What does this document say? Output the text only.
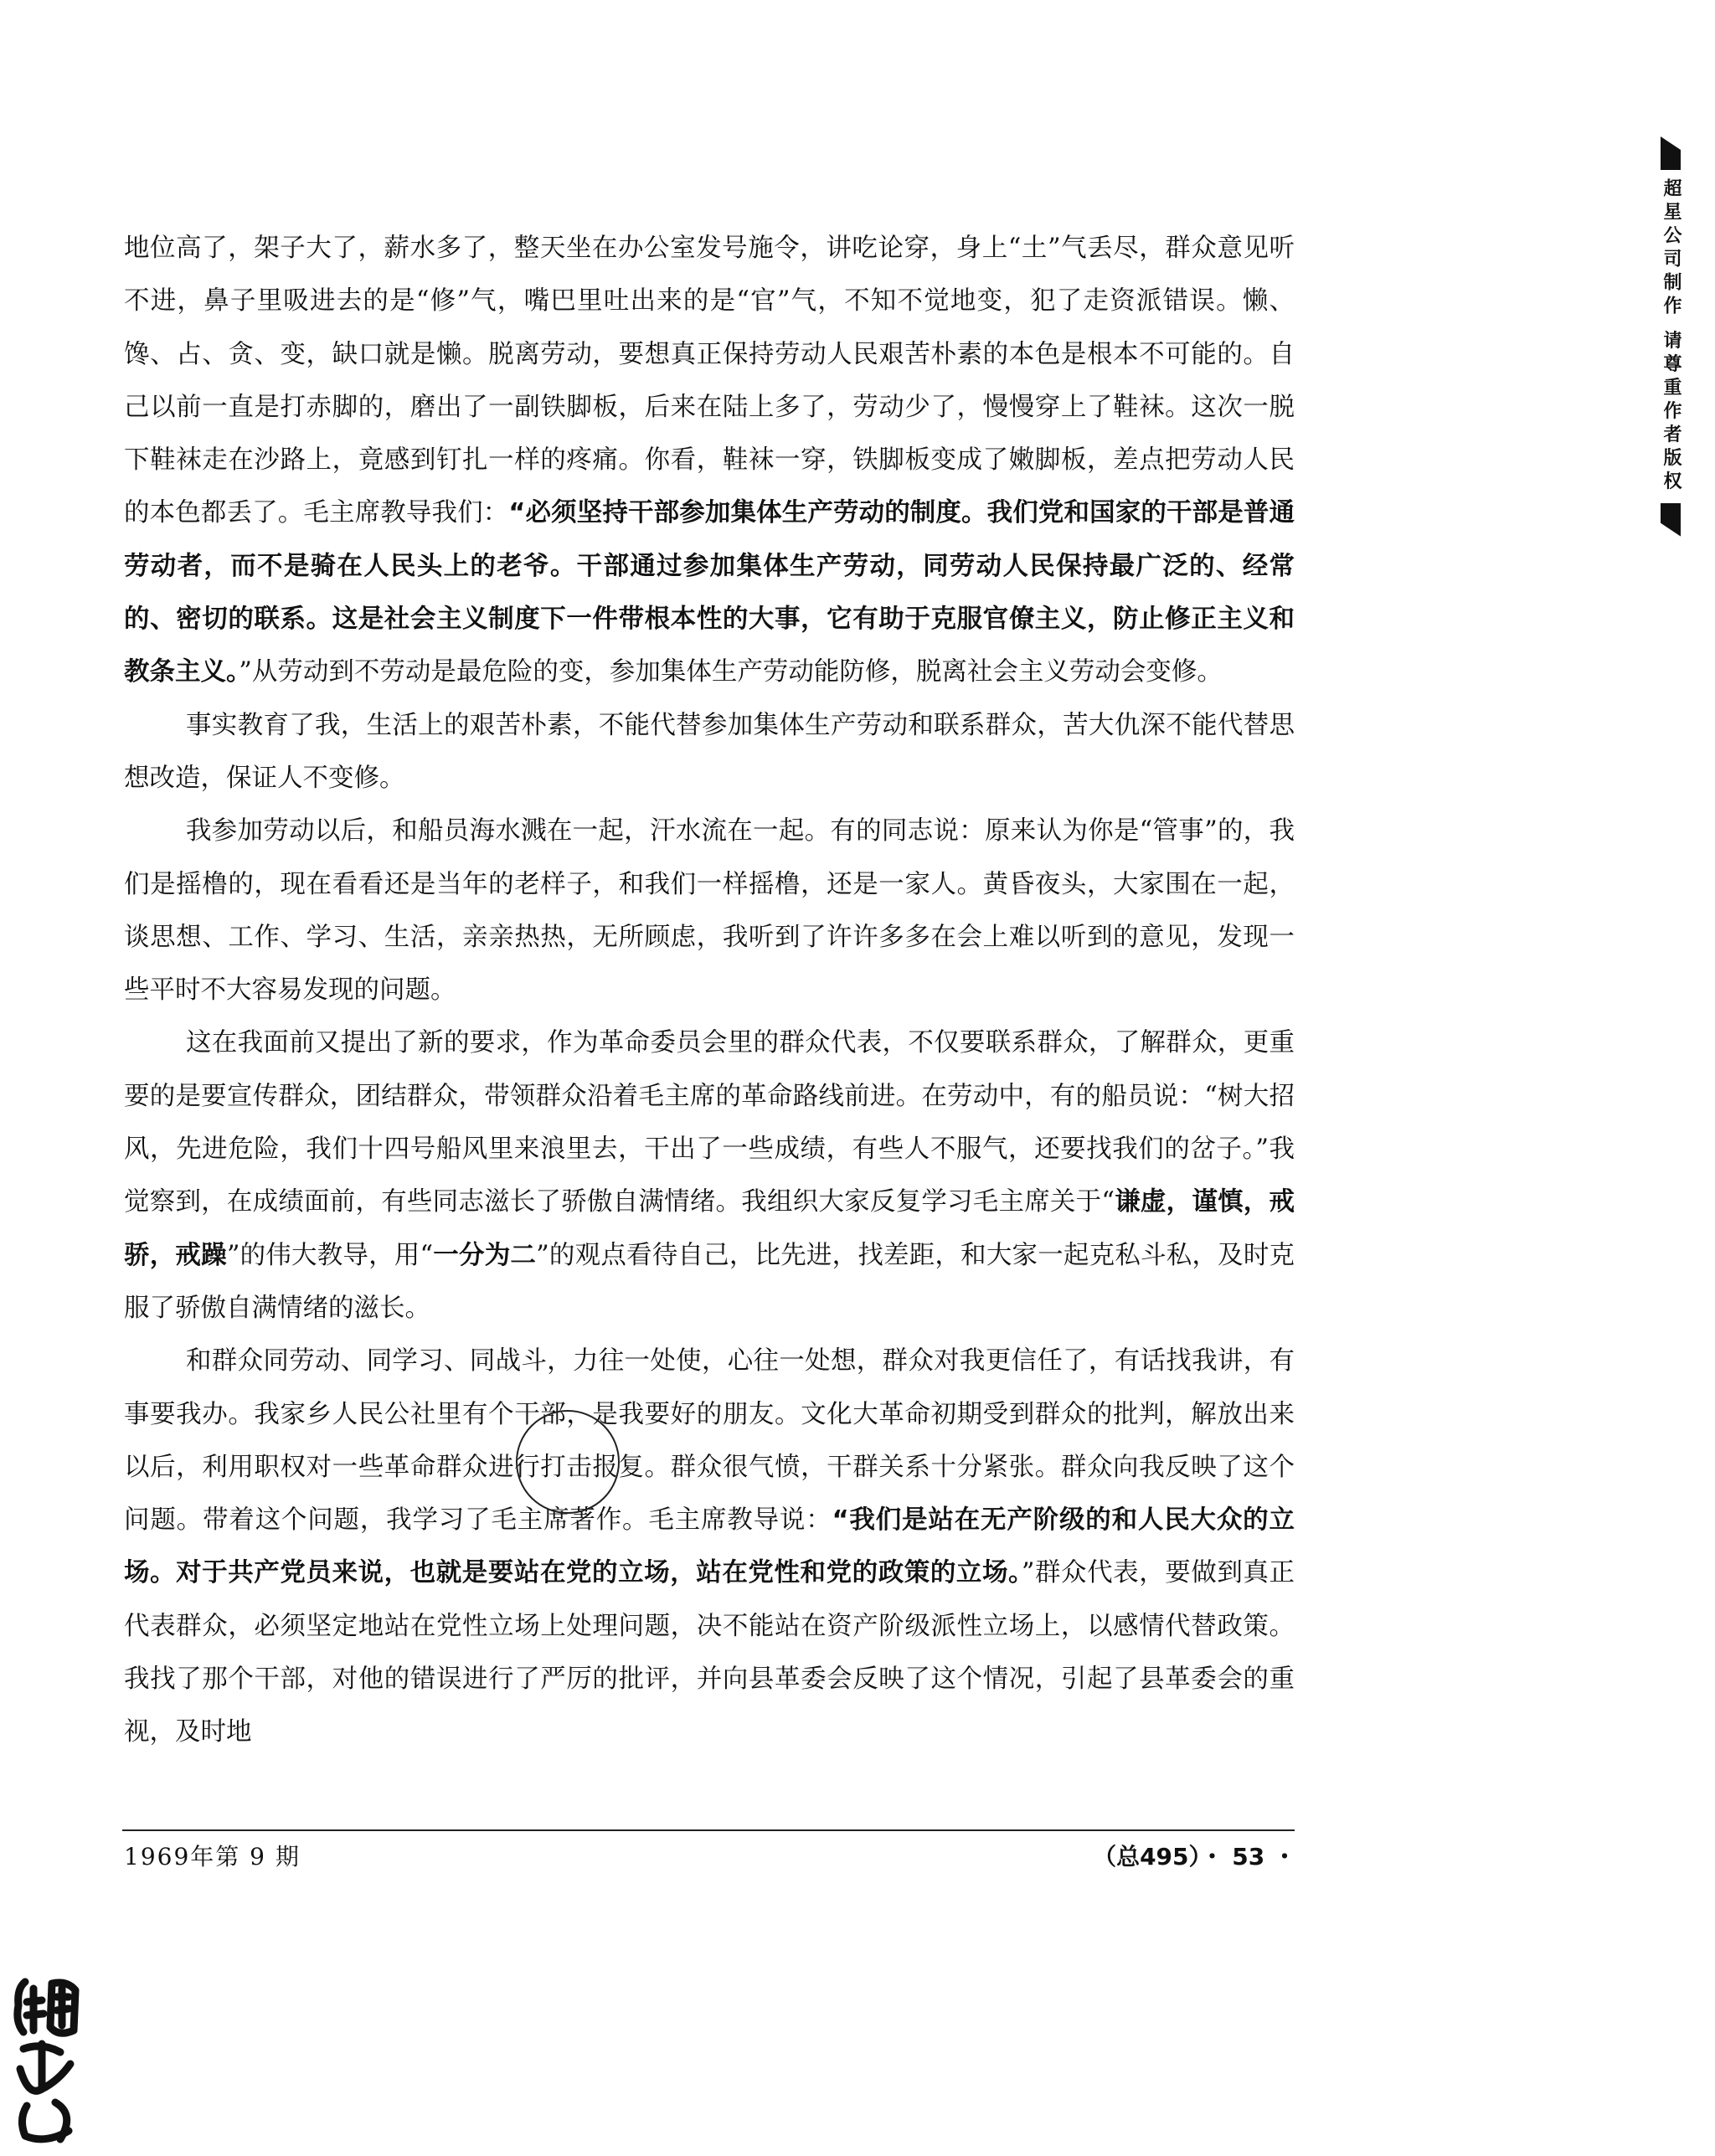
超星公司制作 请尊重作者版权

地位高了，架子大了，薪水多了，整天坐在办公室发号施令，讲吃论穿，身上“土”气丢尽，群众意见听不进，鼻子里吸进去的是“修”气，嘴巴里吐出来的是“官”气，不知不觉地变，犯了走资派错误。懒、馋、占、贪、变，缺口就是懒。脱离劳动，要想真正保持劳动人民艰苦朴素的本色是根本不可能的。自己以前一直是打赤脚的，磨出了一副铁脚板，后来在陆上多了，劳动少了，慢慢穿上了鞋袜。这次一脱下鞋袜走在沙路上，竟感到钉扎一样的疼痛。你看，鞋袜一穿，铁脚板变成了嫩脚板，差点把劳动人民的本色都丢了。毛主席教导我们：“必须坚持干部参加集体生产劳动的制度。我们党和国家的干部是普通劳动者，而不是骑在人民头上的老爷。干部通过参加集体生产劳动，同劳动人民保持最广泛的、经常的、密切的联系。这是社会主义制度下一件带根本性的大事，它有助于克服官僚主义，防止修正主义和教条主义。”从劳动到不劳动是最危险的变，参加集体生产劳动能防修，脱离社会主义劳动会变修。

事实教育了我，生活上的艰苦朴素，不能代替参加集体生产劳动和联系群众，苦大仇深不能代替思想改造，保证人不变修。

我参加劳动以后，和船员海水溅在一起，汗水流在一起。有的同志说：原来认为你是“管事”的，我们是摇橹的，现在看看还是当年的老样子，和我们一样摇橹，还是一家人。黄昏夜头，大家围在一起，谈思想、工作、学习、生活，亲亲热热，无所顾虑，我听到了许许多多在会上难以听到的意见，发现一些平时不大容易发现的问题。

这在我面前又提出了新的要求，作为革命委员会里的群众代表，不仅要联系群众，了解群众，更重要的是要宣传群众，团结群众，带领群众沿着毛主席的革命路线前进。在劳动中，有的船员说：“树大招风，先进危险，我们十四号船风里来浪里去，干出了一些成绩，有些人不服气，还要找我们的岔子。”我觉察到，在成绩面前，有些同志滋长了骄傲自满情绪。我组织大家反复学习毛主席关于“谦虚，谨慎，戒骄，戒躁”的伟大教导，用“一分为二”的观点看待自己，比先进，找差距，和大家一起克私斗私，及时克服了骄傲自满情绪的滋长。

和群众同劳动、同学习、同战斗，力往一处使，心往一处想，群众对我更信任了，有话找我讲，有事要我办。我家乡人民公社里有个干部，是我要好的朋友。文化大革命初期受到群众的批判，解放出来以后，利用职权对一些革命群众进行打击报复。群众很气愤，干群关系十分紧张。群众向我反映了这个问题。带着这个问题，我学习了毛主席著作。毛主席教导说：“我们是站在无产阶级的和人民大众的立场。对于共产党员来说，也就是要站在党的立场，站在党性和党的政策的立场。”群众代表，要做到真正代表群众，必须坚定地站在党性立场上处理问题，决不能站在资产阶级派性立场上，以感情代替政策。我找了那个干部，对他的错误进行了严厉的批评，并向县革委会反映了这个情况，引起了县革委会的重视，及时地

1969年第 9 期	（总495）・ 53 ・
